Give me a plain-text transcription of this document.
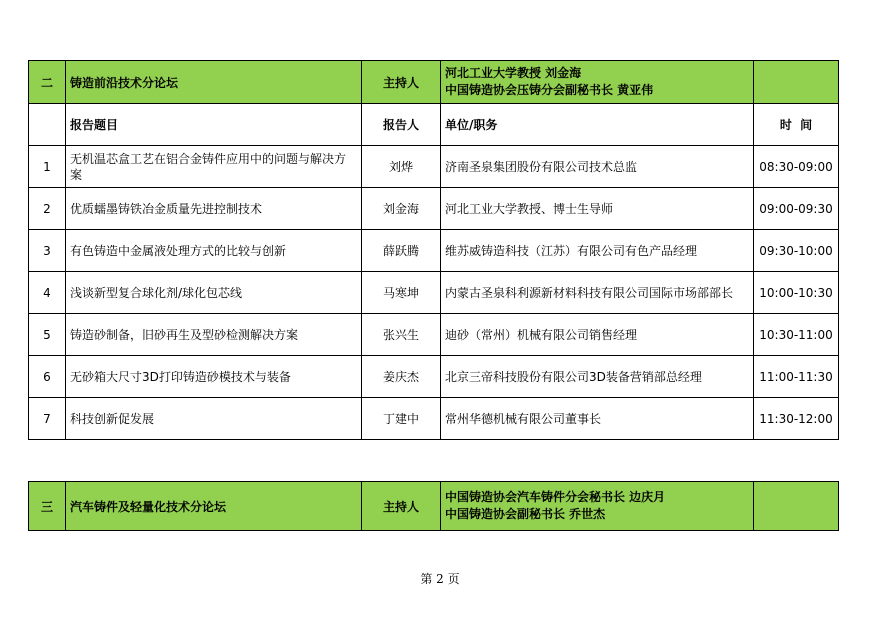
二	铸造前沿技术分论坛	主持人	河北工业大学教授 刘金海
中国铸造协会压铸分会副秘书长 黄亚伟	

	报告题目	报告人	单位/职务	时  间
1	无机温芯盒工艺在铝合金铸件应用中的问题与解决方案	刘烨	济南圣泉集团股份有限公司技术总监	08:30-09:00
2	优质蠕墨铸铁冶金质量先进控制技术	刘金海	河北工业大学教授、博士生导师	09:00-09:30
3	有色铸造中金属液处理方式的比较与创新	薛跃腾	维苏威铸造科技（江苏）有限公司有色产品经理	09:30-10:00
4	浅谈新型复合球化剂/球化包芯线	马寒坤	内蒙古圣泉科利源新材料科技有限公司国际市场部部长	10:00-10:30
5	铸造砂制备，旧砂再生及型砂检测解决方案	张兴生	迪砂（常州）机械有限公司销售经理	10:30-11:00
6	无砂箱大尺寸3D打印铸造砂模技术与装备	姜庆杰	北京三帝科技股份有限公司3D装备营销部总经理	11:00-11:30
7	科技创新促发展	丁建中	常州华德机械有限公司董事长	11:30-12:00
三	汽车铸件及轻量化技术分论坛	主持人	
中国铸造协会汽车铸件分会秘书长 边庆月
中国铸造协会副秘书长 乔世杰

第 2 页
